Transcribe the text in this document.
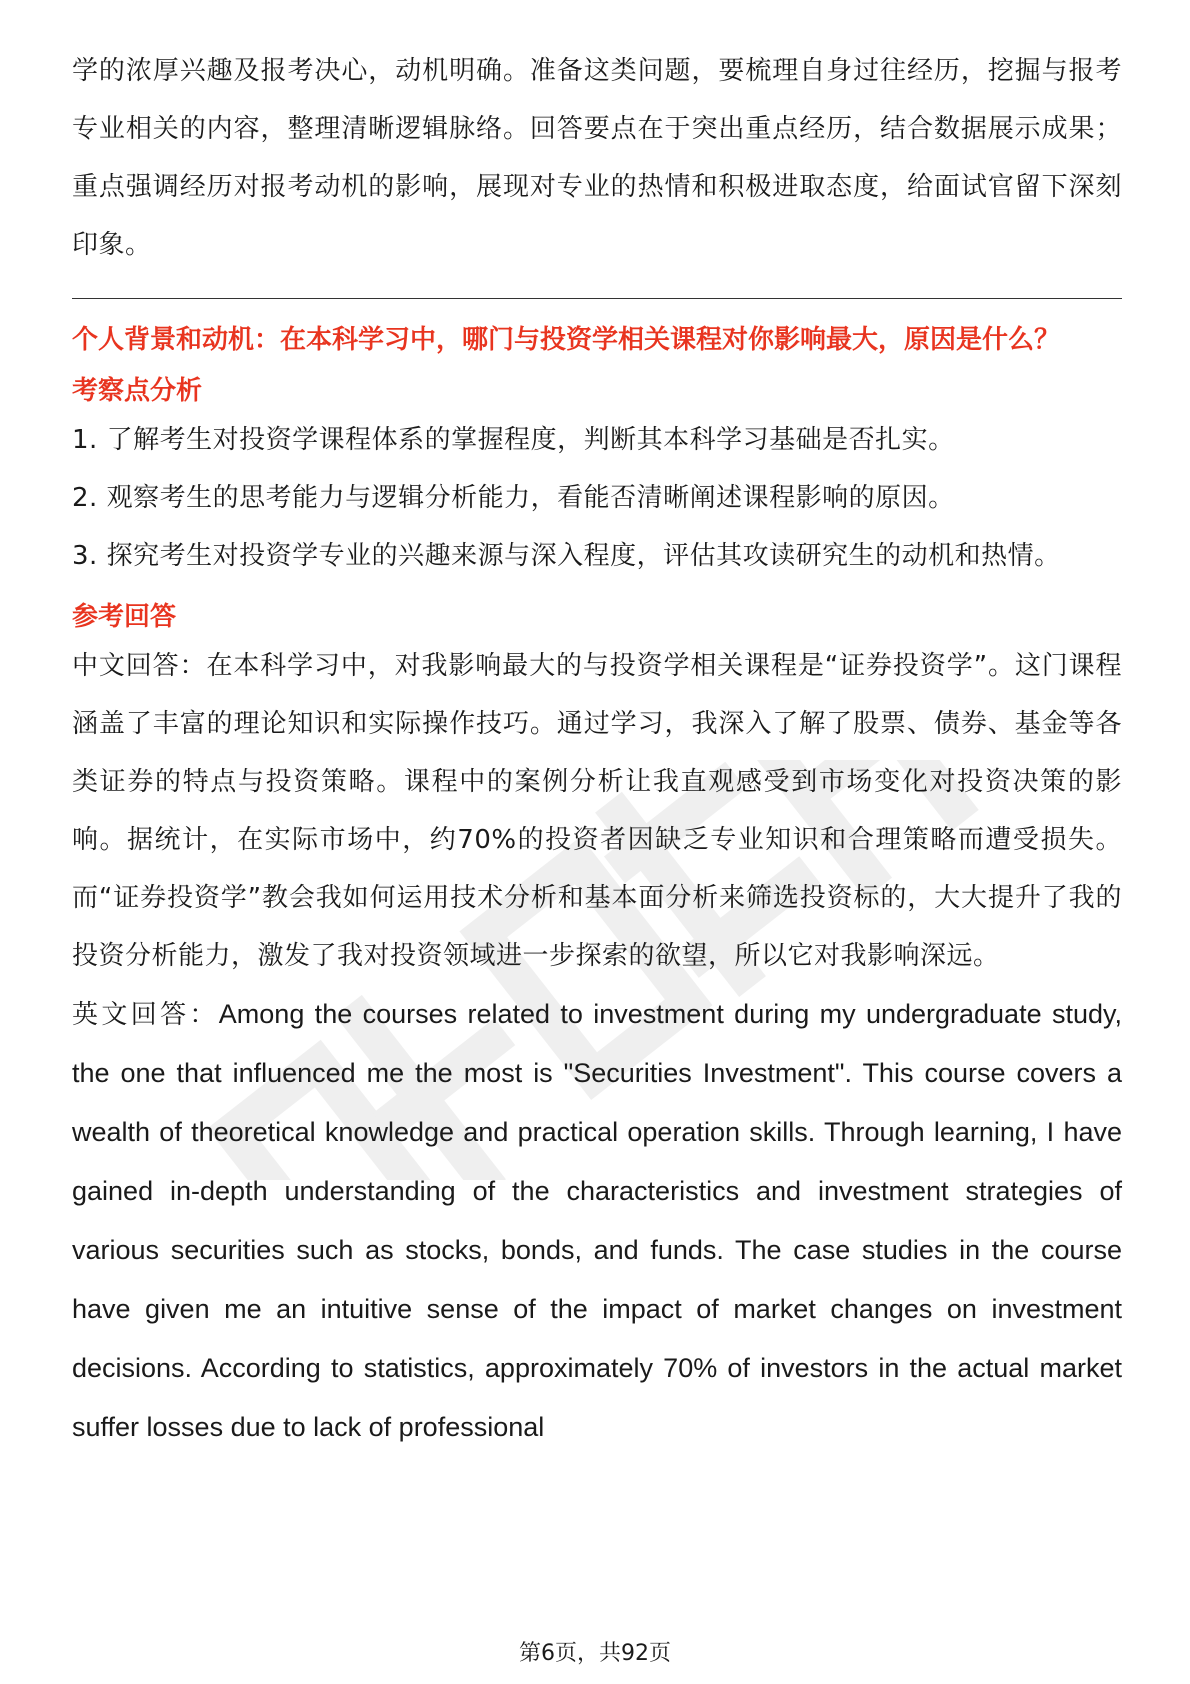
学的浓厚兴趣及报考决心，动机明确。准备这类问题，要梳理自身过往经历，挖掘与报考专业相关的内容，整理清晰逻辑脉络。回答要点在于突出重点经历，结合数据展示成果；重点强调经历对报考动机的影响，展现对专业的热情和积极进取态度，给面试官留下深刻印象。

个人背景和动机：在本科学习中，哪门与投资学相关课程对你影响最大，原因是什么？

考察点分析
1. 了解考生对投资学课程体系的掌握程度，判断其本科学习基础是否扎实。
2. 观察考生的思考能力与逻辑分析能力，看能否清晰阐述课程影响的原因。
3. 探究考生对投资学专业的兴趣来源与深入程度，评估其攻读研究生的动机和热情。
参考回答

中文回答：在本科学习中，对我影响最大的与投资学相关课程是“证券投资学”。这门课程涵盖了丰富的理论知识和实际操作技巧。通过学习，我深入了解了股票、债券、基金等各类证券的特点与投资策略。课程中的案例分析让我直观感受到市场变化对投资决策的影响。据统计，在实际市场中，约70%的投资者因缺乏专业知识和合理策略而遭受损失。而“证券投资学”教会我如何运用技术分析和基本面分析来筛选投资标的，大大提升了我的投资分析能力，激发了我对投资领域进一步探索的欲望，所以它对我影响深远。

英文回答：Among the courses related to investment during my undergraduate study, the one that influenced me the most is "Securities Investment". This course covers a wealth of theoretical knowledge and practical operation skills. Through learning, I have gained in-depth understanding of the characteristics and investment strategies of various securities such as stocks, bonds, and funds. The case studies in the course have given me an intuitive sense of the impact of market changes on investment decisions. According to statistics, approximately 70% of investors in the actual market suffer losses due to lack of professional

第6页，共92页
